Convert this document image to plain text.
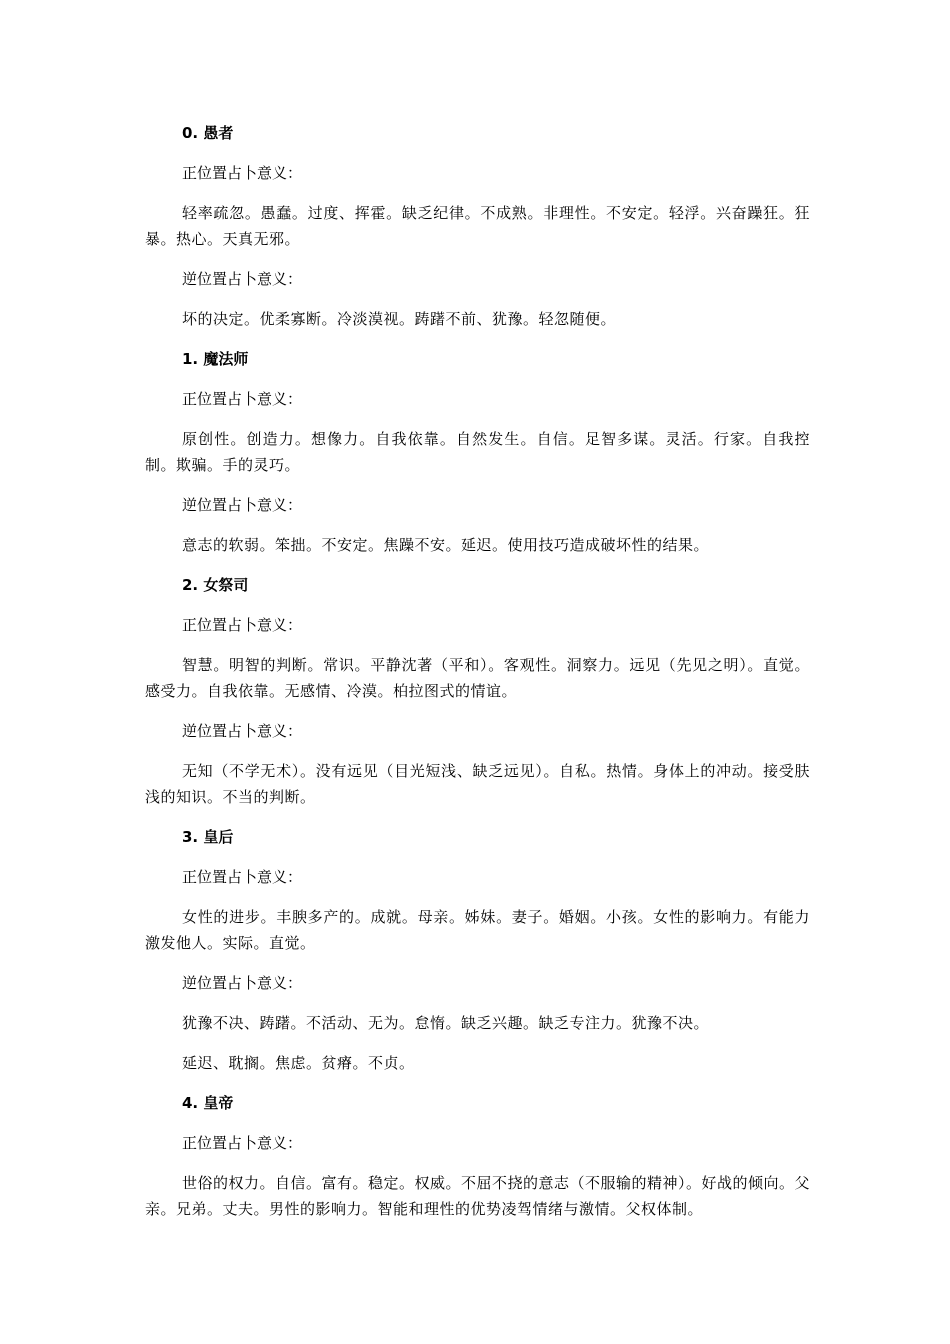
0. 愚者
正位置占卜意义：
轻率疏忽。愚蠢。过度、挥霍。缺乏纪律。不成熟。非理性。不安定。轻浮。兴奋躁狂。狂暴。热心。天真无邪。
逆位置占卜意义：
坏的决定。优柔寡断。冷淡漠视。踌躇不前、犹豫。轻忽随便。
1. 魔法师
正位置占卜意义：
原创性。创造力。想像力。自我依靠。自然发生。自信。足智多谋。灵活。行家。自我控制。欺骗。手的灵巧。
逆位置占卜意义：
意志的软弱。笨拙。不安定。焦躁不安。延迟。使用技巧造成破坏性的结果。
2. 女祭司
正位置占卜意义：
智慧。明智的判断。常识。平静沈著（平和）。客观性。洞察力。远见（先见之明）。直觉。感受力。自我依靠。无感情、冷漠。柏拉图式的情谊。
逆位置占卜意义：
无知（不学无术）。没有远见（目光短浅、缺乏远见）。自私。热情。身体上的冲动。接受肤浅的知识。不当的判断。
3. 皇后
正位置占卜意义：
女性的进步。丰腴多产的。成就。母亲。姊妹。妻子。婚姻。小孩。女性的影响力。有能力激发他人。实际。直觉。
逆位置占卜意义：
犹豫不决、踌躇。不活动、无为。怠惰。缺乏兴趣。缺乏专注力。犹豫不决。
延迟、耽搁。焦虑。贫瘠。不贞。
4. 皇帝
正位置占卜意义：
世俗的权力。自信。富有。稳定。权威。不屈不挠的意志（不服输的精神）。好战的倾向。父亲。兄弟。丈夫。男性的影响力。智能和理性的优势凌驾情绪与激情。父权体制。
